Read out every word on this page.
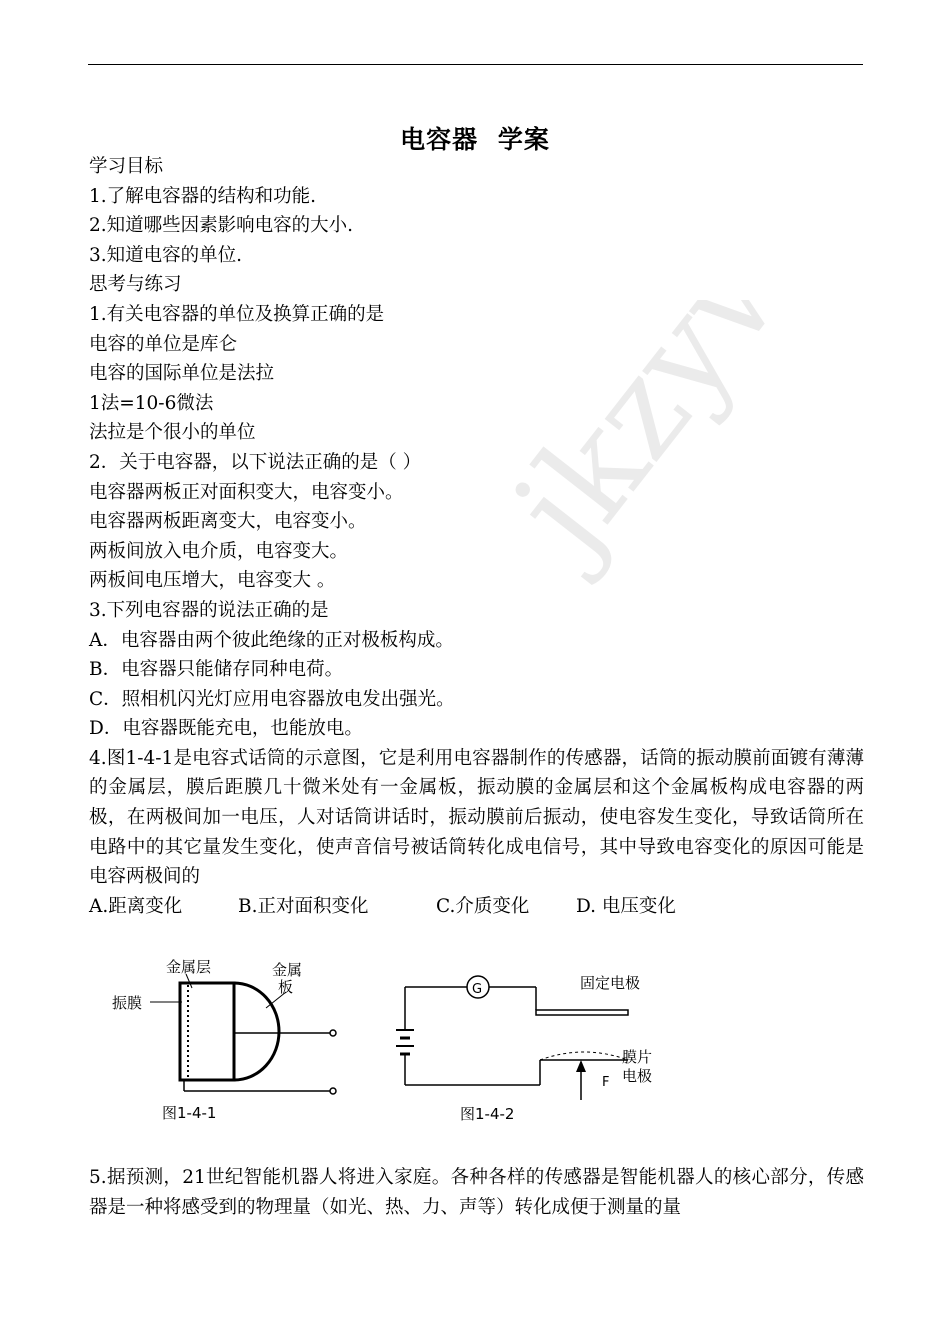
电容器 学案
学习目标
1.了解电容器的结构和功能.
2.知道哪些因素影响电容的大小.
3.知道电容的单位.
思考与练习
1.有关电容器的单位及换算正确的是
电容的单位是库仑
电容的国际单位是法拉
1法=10-6微法
法拉是个很小的单位
2．关于电容器，以下说法正确的是（ ）
电容器两板正对面积变大，电容变小。
电容器两板距离变大，电容变小。
两板间放入电介质，电容变大。
两板间电压增大，电容变大 。
3.下列电容器的说法正确的是
A．电容器由两个彼此绝缘的正对极板构成。
B．电容器只能储存同种电荷。
C．照相机闪光灯应用电容器放电发出强光。
D．电容器既能充电，也能放电。
4.图1-4-1是电容式话筒的示意图，它是利用电容器制作的传感器，话筒的振动膜前面镀有薄薄的金属层，膜后距膜几十微米处有一金属板，振动膜的金属层和这个金属板构成电容器的两极，在两极间加一电压，人对话筒讲话时，振动膜前后振动，使电容发生变化，导致话筒所在电路中的其它量发生变化，使声音信号被话筒转化成电信号，其中导致电容变化的原因可能是电容两极间的
A.距离变化	B.正对面积变化	C.介质变化	D. 电压变化
金属层	金属
板
振膜
图1-4-1
G	固定电极
膜片
电极
F
图1-4-2
5.据预测，21世纪智能机器人将进入家庭。各种各样的传感器是智能机器人的核心部分，传感器是一种将感受到的物理量（如光、热、力、声等）转化成便于测量的量
jkzyw
